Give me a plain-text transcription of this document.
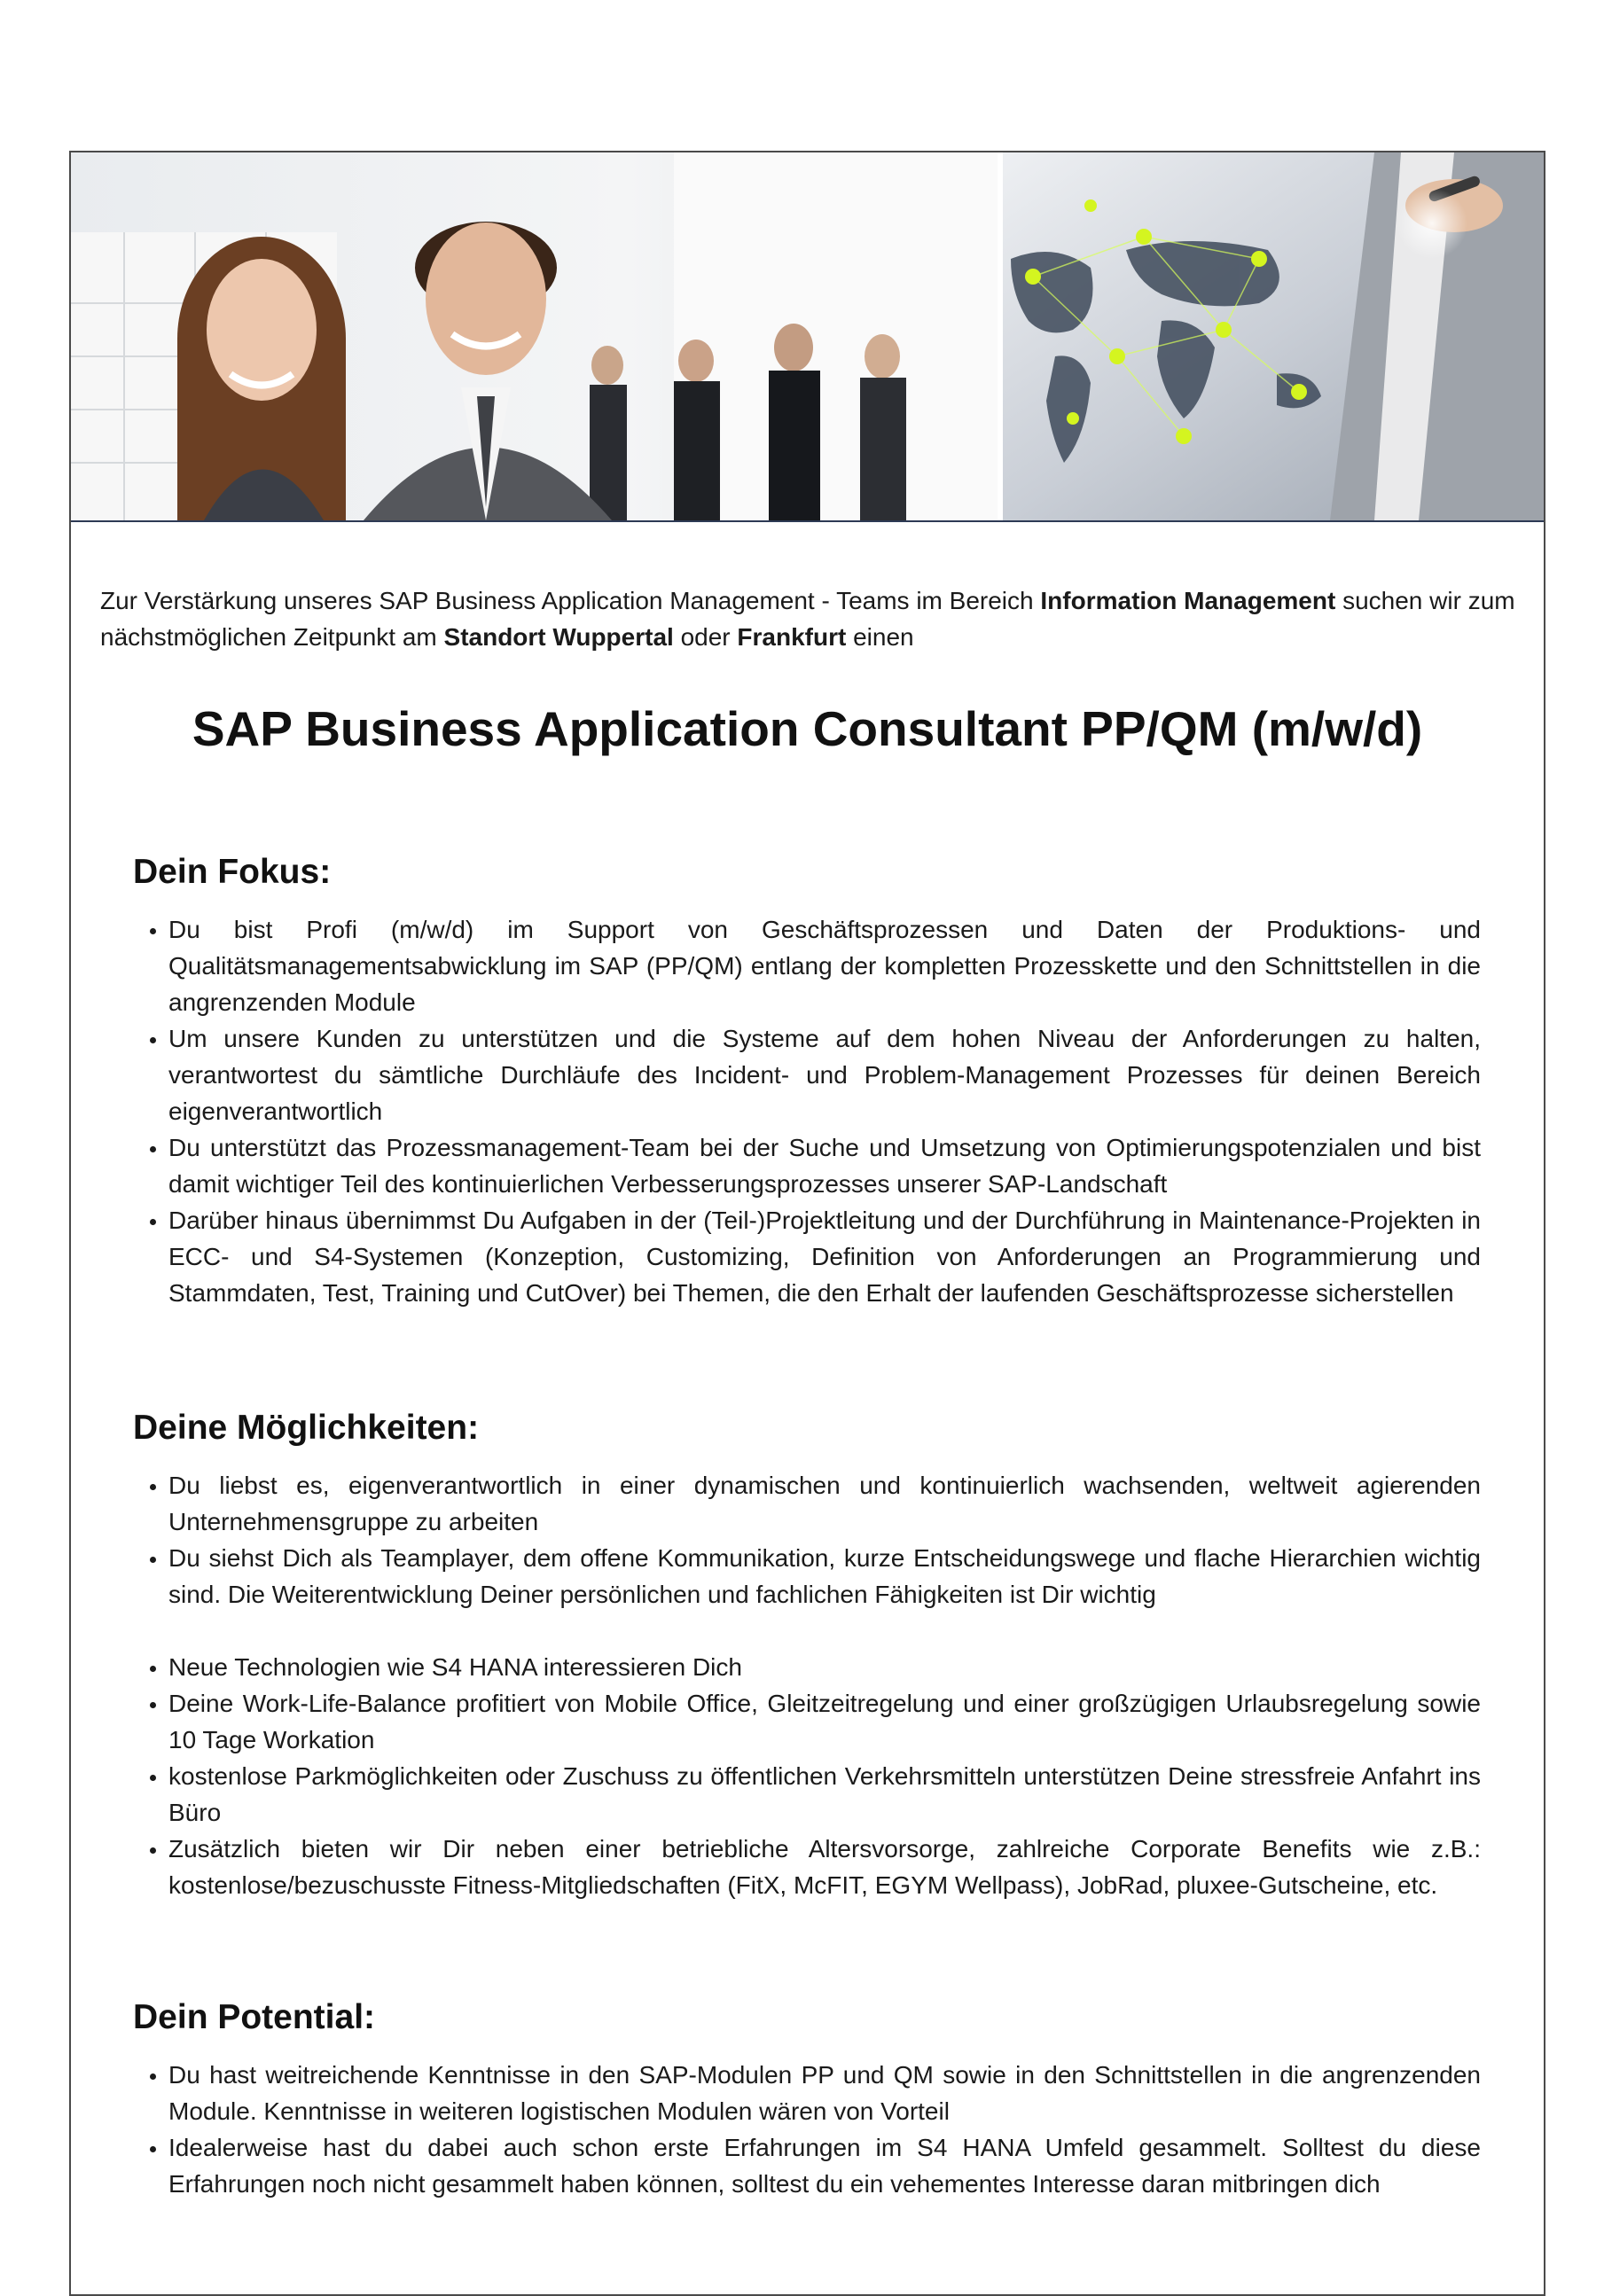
Zur Verstärkung unseres SAP Business Application Management - Teams im Bereich Information Management suchen wir zum nächstmöglichen Zeitpunkt am Standort Wuppertal oder Frankfurt einen
SAP Business Application Consultant PP/QM (m/w/d)
Dein Fokus:
• Du bist Profi (m/w/d) im Support von Geschäftsprozessen und Daten der Produktions- und Qualitätsmanagementsabwicklung im SAP (PP/QM) entlang der kompletten Prozesskette und den Schnittstellen in die angrenzenden Module
• Um unsere Kunden zu unterstützen und die Systeme auf dem hohen Niveau der Anforderungen zu halten, verantwortest du sämtliche Durchläufe des Incident- und Problem-Management Prozesses für deinen Bereich eigenverantwortlich
• Du unterstützt das Prozessmanagement-Team bei der Suche und Umsetzung von Optimierungspotenzialen und bist damit wichtiger Teil des kontinuierlichen Verbesserungsprozesses unserer SAP-Landschaft
• Darüber hinaus übernimmst Du Aufgaben in der (Teil-)Projektleitung und der Durchführung in Maintenance-Projekten in ECC- und S4-Systemen (Konzeption, Customizing, Definition von Anforderungen an Programmierung und Stammdaten, Test, Training und CutOver) bei Themen, die den Erhalt der laufenden Geschäftsprozesse sicherstellen
Deine Möglichkeiten:
• Du liebst es, eigenverantwortlich in einer dynamischen und kontinuierlich wachsenden, weltweit agierenden Unternehmensgruppe zu arbeiten
• Du siehst Dich als Teamplayer, dem offene Kommunikation, kurze Entscheidungswege und flache Hierarchien wichtig sind. Die Weiterentwicklung Deiner persönlichen und fachlichen Fähigkeiten ist Dir wichtig
• Neue Technologien wie S4 HANA interessieren Dich
• Deine Work-Life-Balance profitiert von Mobile Office, Gleitzeitregelung und einer großzügigen Urlaubsregelung sowie 10 Tage Workation
• kostenlose Parkmöglichkeiten oder Zuschuss zu öffentlichen Verkehrsmitteln unterstützen Deine stressfreie Anfahrt ins Büro
• Zusätzlich bieten wir Dir neben einer betriebliche Altersvorsorge, zahlreiche Corporate Benefits wie z.B.: kostenlose/bezuschusste Fitness-Mitgliedschaften (FitX, McFIT, EGYM Wellpass), JobRad, pluxee-Gutscheine, etc.
Dein Potential:
• Du hast weitreichende Kenntnisse in den SAP-Modulen PP und QM sowie in den Schnittstellen in die angrenzenden Module. Kenntnisse in weiteren logistischen Modulen wären von Vorteil
• Idealerweise hast du dabei auch schon erste Erfahrungen im S4 HANA Umfeld gesammelt. Solltest du diese Erfahrungen noch nicht gesammelt haben können, solltest du ein vehementes Interesse daran mitbringen dich
